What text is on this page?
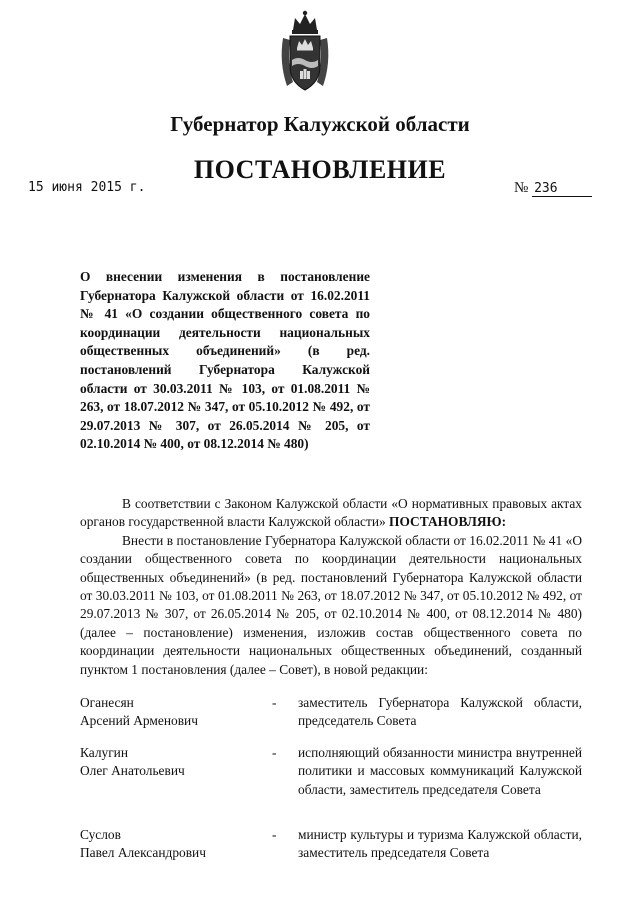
Губернатор Калужской области
ПОСТАНОВЛЕНИЕ
15 июня 2015 г.	№ 236
О внесении изменения в постановление Губернатора Калужской области от 16.02.2011 № 41 «О создании общественного совета по координации деятельности национальных общественных объединений» (в ред. постановлений Губернатора Калужской области от 30.03.2011 № 103, от 01.08.2011 № 263, от 18.07.2012 № 347, от 05.10.2012 № 492, от 29.07.2013 № 307, от 26.05.2014 № 205, от 02.10.2014 № 400, от 08.12.2014 № 480)

В соответствии с Законом Калужской области «О нормативных правовых актах органов государственной власти Калужской области» ПОСТАНОВЛЯЮ:

Внести в постановление Губернатора Калужской области от 16.02.2011 № 41 «О создании общественного совета по координации деятельности национальных общественных объединений» (в ред. постановлений Губернатора Калужской области от 30.03.2011 № 103, от 01.08.2011 № 263, от 18.07.2012 № 347, от 05.10.2012 № 492, от 29.07.2013 № 307, от 26.05.2014 № 205, от 02.10.2014 № 400, от 08.12.2014 № 480) (далее – постановление) изменения, изложив состав общественного совета по координации деятельности национальных общественных объединений, созданный пунктом 1 постановления (далее – Совет), в новой редакции:

Оганесян
Арсений Арменович
- заместитель Губернатора Калужской области, председатель Совета
Калугин
Олег Анатольевич
- исполняющий обязанности министра внутренней политики и массовых коммуникаций Калужской области, заместитель председателя Совета
Суслов
Павел Александрович
- министр культуры и туризма Калужской области, заместитель председателя Совета
